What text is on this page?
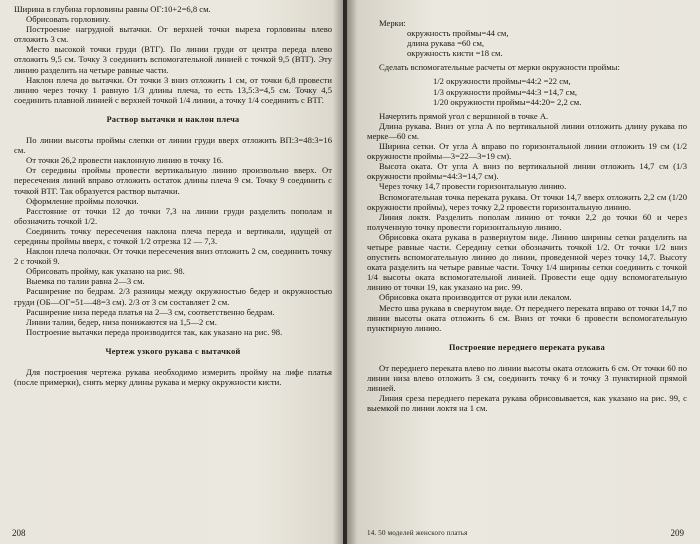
Ширина в глубина горловины равны ОГ:10+2=6,8 см.

Обрисовать горловину.

Построение нагрудной вытачки. От верхней точки выреза горловины влево отложить 3 см.

Место высокой точки груди (ВТГ). По линии груди от центра переда влево отложить 9,5 см. Точку 3 соединить вспомогательной линией с точкой 9,5 (ВТГ). Эту линию разделить на четыре равные части.

Наклон плеча до вытачки. От точки 3 вниз отложить 1 см, от точки 6,8 провести линию через точку 1 равную 1/3 длины плеча, то есть 13,5:3=4,5 см. Точку 4,5 соединить плавной линией с верхней точкой 1/4 линии, а точку 1/4 соединить с ВТГ.

Раствор вытачки и наклон плеча

По линии высоты проймы слепки от линии груди вверх отложить ВП:3=48:3=16 см.

От точки 26,2 провести наклонную линию в точку 16.

От середины проймы провести вертикальную линию произвольно вверх. От пересечения линий вправо отложить остаток длины плеча 9 см. Точку 9 соединить с точкой ВТГ. Так образуется раствор вытачки.

Оформление проймы полочки.

Расстояние от точки 12 до точки 7,3 на линии груди разделить пополам и обозначить точкой 1/2.

Соединить точку пересечения наклона плеча переда и вертикали, идущей от середины проймы вверх, с точкой 1/2 отрезка 12 — 7,3.

Наклон плеча полочки. От точки пересечения вниз отложить 2 см, соединить точку 2 с точкой 9.

Обрисовать пройму, как указано на рис. 98.

Выемка по талии равна 2—3 см.

Расширение по бедрам. 2/3 разницы между окружностью бедер и окружностью груди (ОБ—ОГ=51—48=3 см). 2/3 от 3 см составляет 2 см.

Расширение низа переда платья на 2—3 см, соответственно бедрам.

Линии талии, бедер, низа понижаются на 1,5—2 см.

Построение вытачки переда производится так, как указано на рис. 98.

Чертеж узкого рукава с вытачкой

Для построения чертежа рукава необходимо измерить пройму на лифе платья (после примерки), снять мерку длины рукава и мерку окружности кисти.

208

Мерки:

окружность проймы=44 см,
длина рукава =60 см,
окружность кисти =18 см.

Сделать вспомогательные расчеты от мерки окружности проймы:

1/2 окружности проймы=44:2 =22 см,
1/3 окружности проймы=44:3 =14,7 см,
1/20 окружности проймы=44:20= 2,2 см.

Начертить прямой угол с вершиной в точке А.

Длина рукава. Вниз от угла А по вертикальной линии отложить длину рукава по мерке—60 см.

Ширина сетки. От угла А вправо по горизонтальной линии отложить 19 см (1/2 окружности проймы—3=22—3=19 см).

Высота оката. От угла А вниз по вертикальной линии отложить 14,7 см (1/3 окружности проймы=44:3=14,7 см).

Через точку 14,7 провести горизонтальную линию.

Вспомогательная точка переката рукава. От точки 14,7 вверх отложить 2,2 см (1/20 окружности проймы), через точку 2,2 провести горизонтальную линию.

Линия локтя. Разделить пополам линию от точки 2,2 до точки 60 и через полученную точку провести горизонтальную линию.

Обрисовка оката рукава в развернутом виде. Линию ширины сетки разделить на четыре равные части. Середину сетки обозначить точкой 1/2. От точки 1/2 вниз опустить вспомогательную линию до линии, проведенной через точку 14,7. Высоту оката разделить на четыре равные части. Точку 1/4 ширины сетки соединить с точкой 1/4 высоты оката вспомогательной линией. Провести еще одну вспомогательную линию от точки 19, как указано на рис. 99.

Обрисовка оката производится от руки или лекалом.

Место шва рукава в свернутом виде. От переднего переката вправо от точки 14,7 по линии высоты оката отложить 6 см. Вниз от точки 6 провести вспомогательную пунктирную линию.

Построение переднего переката рукава

От переднего переката влево по линии высоты оката отложить 6 см. От точки 60 по линии низа влево отложить 3 см, соединить точку 6 и точку 3 пунктирной прямой линией.

Линия среза переднего переката рукава обрисовывается, как указано на рис. 99, с выемкой по линии локтя на 1 см.

14. 50 моделей женского платья	209
